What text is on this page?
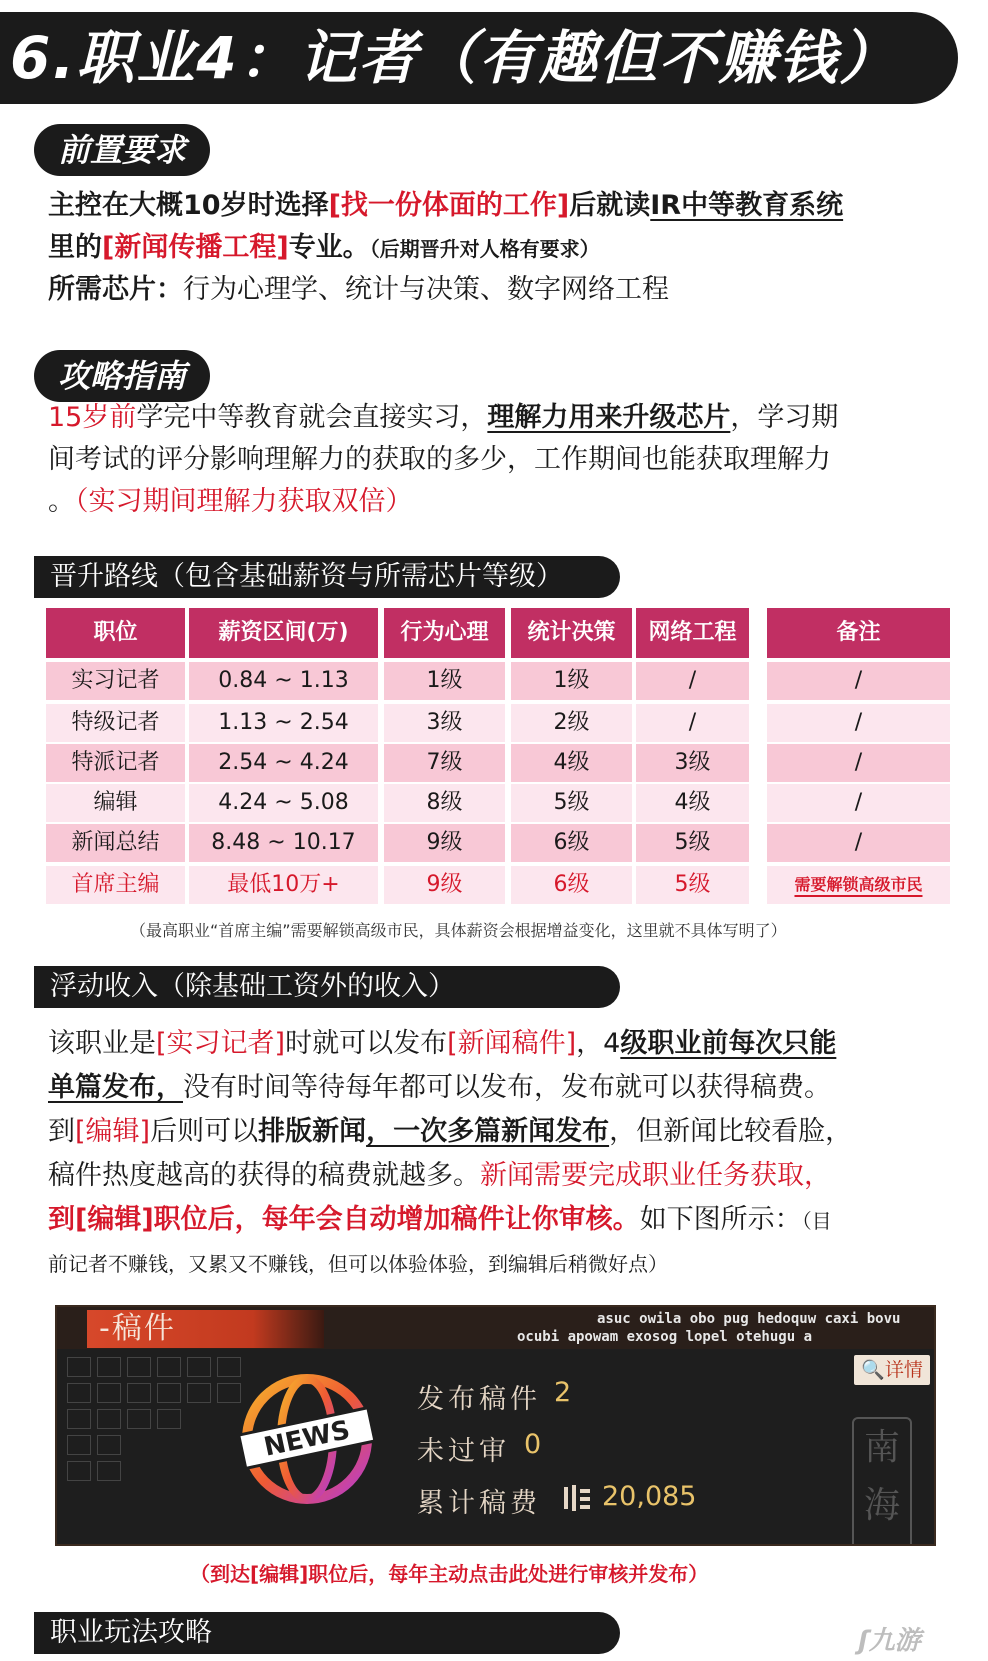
6.职业4：记者（有趣但不赚钱）
前置要求
主控在大概10岁时选择[找一份体面的工作]后就读IR中等教育系统
里的[新闻传播工程]专业。（后期晋升对人格有要求）
所需芯片：行为心理学、统计与决策、数字网络工程
攻略指南
15岁前学完中等教育就会直接实习，理解力用来升级芯片，学习期
间考试的评分影响理解力的获取的多少，工作期间也能获取理解力
。（实习期间理解力获取双倍）
晋升路线（包含基础薪资与所需芯片等级）
职位	薪资区间(万)	行为心理	统计决策	网络工程	备注
实习记者	0.84 ~ 1.13	1级	1级	/	/
特级记者	1.13 ~ 2.54	3级	2级	/	/
特派记者	2.54 ~ 4.24	7级	4级	3级	/
编辑	4.24 ~ 5.08	8级	5级	4级	/
新闻总结	8.48 ~ 10.17	9级	6级	5级	/
首席主编	最低10万+	9级	6级	5级	需要解锁高级市民
（最高职业“首席主编”需要解锁高级市民，具体薪资会根据增益变化，这里就不具体写明了）
浮动收入（除基础工资外的收入）
该职业是[实习记者]时就可以发布[新闻稿件]，4级职业前每次只能
单篇发布，没有时间等待每年都可以发布，发布就可以获得稿费。
到[编辑]后则可以排版新闻，一次多篇新闻发布，但新闻比较看脸，
稿件热度越高的获得的稿费就越多。新闻需要完成职业任务获取，
到[编辑]职位后，每年会自动增加稿件让你审核。如下图所示：（目
前记者不赚钱，又累又不赚钱，但可以体验体验，到编辑后稍微好点）
-稿件	asuc owila obo pug hedoquw caxi bovu
ocubi apowam exosog lopel otehugu a
🔍详情
NEWS
发布稿件 2
未过审 0
累计稿费 20,085
南海
（到达[编辑]职位后，每年主动点击此处进行审核并发布）
职业玩法攻略	ʃ九游
